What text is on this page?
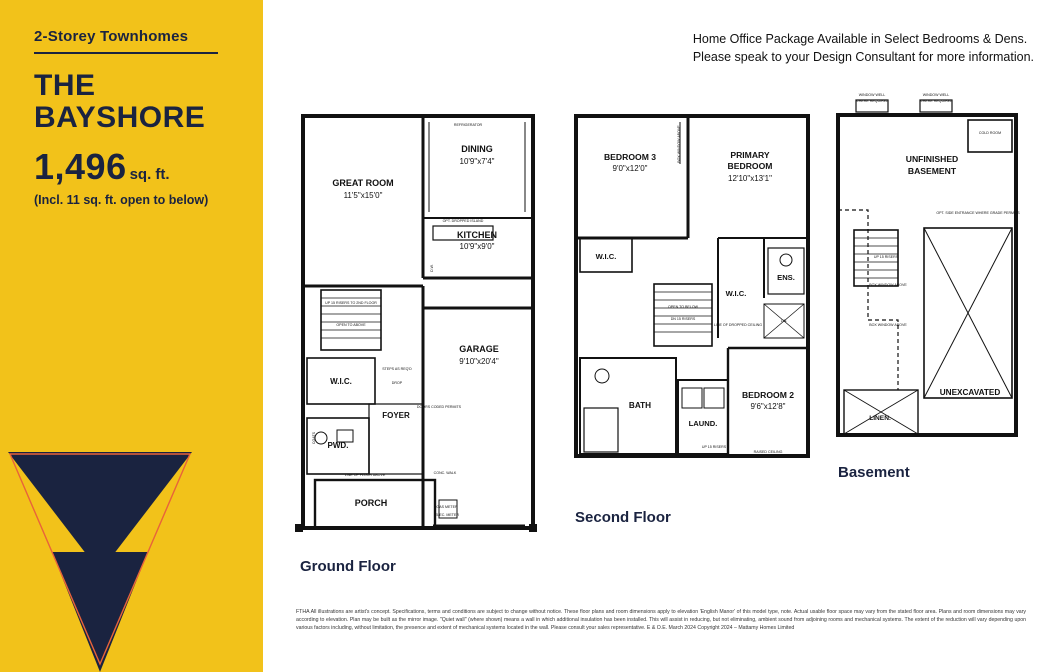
2-Storey Townhomes
THE
BAYSHORE
1,496 sq. ft.
(Incl. 11 sq. ft. open to below)
Home Office Package Available in Select Bedrooms & Dens.
Please speak to your Design Consultant for more information.
GREAT ROOM
11'5"x15'0"
DINING
10'9"x7'4"
KITCHEN
10'9"x9'0"
GARAGE
9'10"x20'4"
W.I.C.
FOYER
PWD.
PORCH
REFRIGERATOR
OPT. DROPPED ISLAND
D.W.
UP 15 RISERS TO 2ND FLOOR
OPEN TO ABOVE
STEPS AS REQ'D
DROP
DOORS CODED PERMITS
LINE OF FLOOR ABOVE	CONC. WALK
GAS METER
ELEC. METER
COATS
Ground Floor
BEDROOM 3
9'0"x12'0"
PRIMARY
BEDROOM
12'10"x13'1"
W.I.C.
W.I.C.
ENS.
BATH
LAUND.
BEDROOM 2
9'6"x12'8"
OPEN TO BELOW
DN 15 RISERS
RAISED CEILING
LIN.
LINE OF DROPPED CEILING
UP 15 RISERS
BOX WINDOW ABOVE
Second Floor
UNFINISHED
BASEMENT
UNEXCAVATED
LINEN.
WINDOW WELL
WHERE REQUIRED
WINDOW WELL
WHERE REQUIRED
COLD ROOM
OPT. SIDE ENTRANCE WHERE GRADE PERMITS
UP 15 RISERS
BOX WINDOW ABOVE
BOX WINDOW ABOVE
Basement
FTHA All illustrations are artist's concept. Specifications, terms and conditions are subject to change without notice. These floor plans and room dimensions apply to elevation 'English Manor' of this model type, note. Actual usable floor space may vary from the stated floor area. Plans and room dimensions may vary according to elevation. Plan may be built as the mirror image. "Quiet wall" (where shown) means a wall in which additional insulation has been installed. This will assist in reducing, but not eliminating, ambient sound from adjoining rooms and mechanical systems. The extent of the reduction will vary depending upon various factors including, without limitation, the presence and extent of mechanical systems located in the wall. Please consult your sales representative. E & O.E. March 2024 Copyright 2024 – Mattamy Homes Limited
